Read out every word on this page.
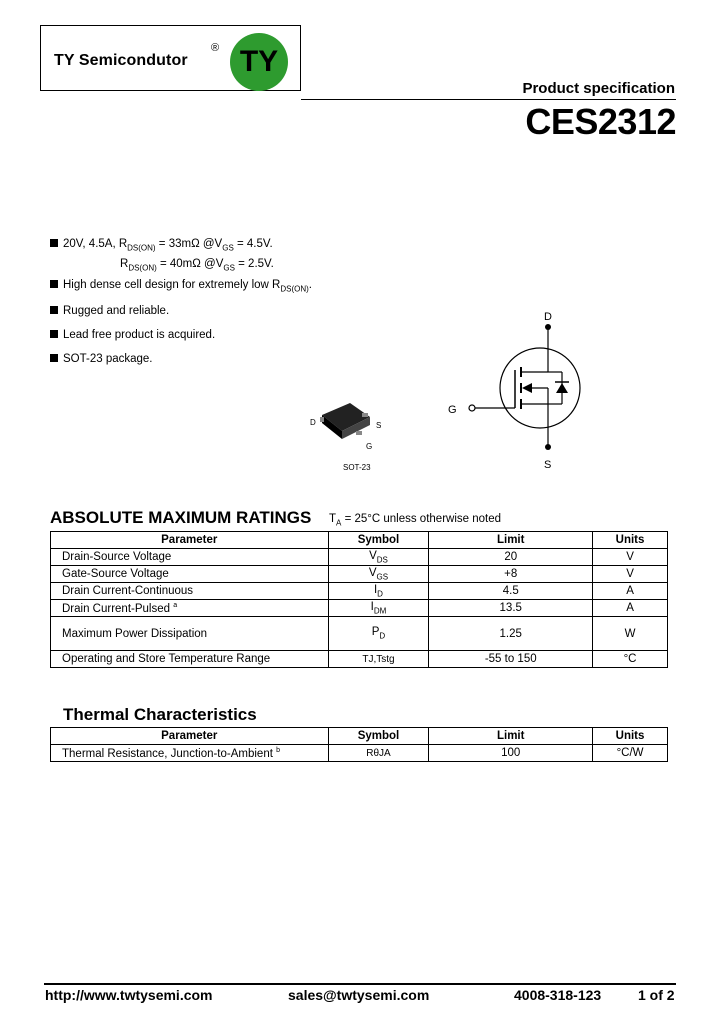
TY Semicondutor
® TY
Product specification
CES2312
20V, 4.5A, $R_{DS(ON)} = 33m\Omega$ $@V_{GS} = 4.5V$.
$R_{DS(ON)} = 40m\Omega$ $@V_{GS} = 2.5V$.
High dense cell design for extremely low $R_{DS(ON)}$.
Rugged and reliable.
Lead free product is acquired.
SOT-23 package.
D	S
G
SOT-23
D
G
S
ABSOLUTE MAXIMUM RATINGS $T_A = 25^\circ C$ unless otherwise noted
Parameter	Symbol	Limit	Units
Drain-Source Voltage	$V_{DS}$	20	V
Gate-Source Voltage	$V_{GS}$	+8	V
Drain Current-Continuous	$I_D$	4.5	A
Drain Current-Pulsed $^a$	$I_{DM}$	13.5	A
Maximum Power Dissipation	$P_D$	1.25	W
Operating and Store Temperature Range	TJ,Tstg	-55 to 150	°C
Thermal Characteristics
Parameter	Symbol	Limit	Units
Thermal Resistance, Junction-to-Ambient $^b$	RθJA	100	°C/W
http://www.twtysemi.com	sales@twtysemi.com	4008-318-123	1 of 2
